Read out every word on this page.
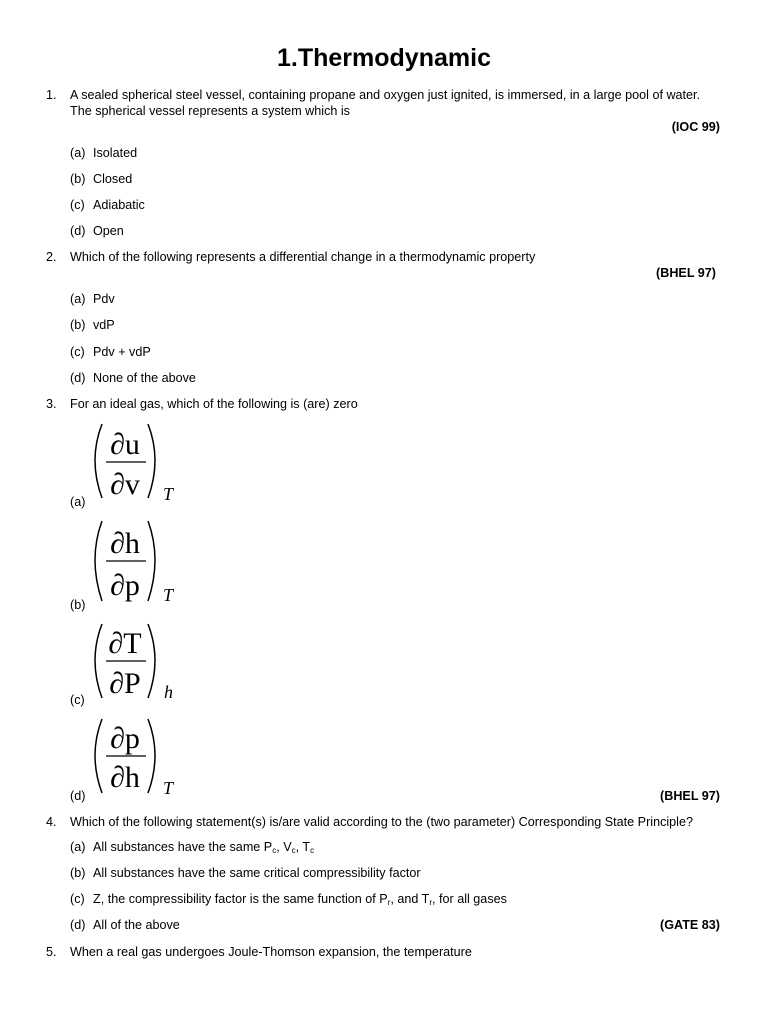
1.Thermodynamic
1. A sealed spherical steel vessel, containing propane and oxygen just ignited, is immersed, in a large pool of water.
The spherical vessel represents a system which is
(IOC 99)
(a) Isolated
(b) Closed
(c) Adiabatic
(d) Open
2. Which of the following represents a differential change in a thermodynamic property
(BHEL 97)
(a) Pdv
(b) vdP
(c) Pdv + vdP
(d) None of the above
3. For an ideal gas, which of the following is (are) zero
(a)
∂u
∂v T
(b)
∂h
∂p T
(c)
∂T
∂P h
(d)
∂p
∂h T	(BHEL 97)
4. Which of the following statement(s) is/are valid according to the (two parameter) Corresponding State Principle?
(a) All substances have the same $P_c$, $V_c$, $T_c$
(b) All substances have the same critical compressibility factor
(c) Z, the compressibility factor is the same function of $P_r$, and $T_r$, for all gases
(d) All of the above	(GATE 83)
5. When a real gas undergoes Joule-Thomson expansion, the temperature
